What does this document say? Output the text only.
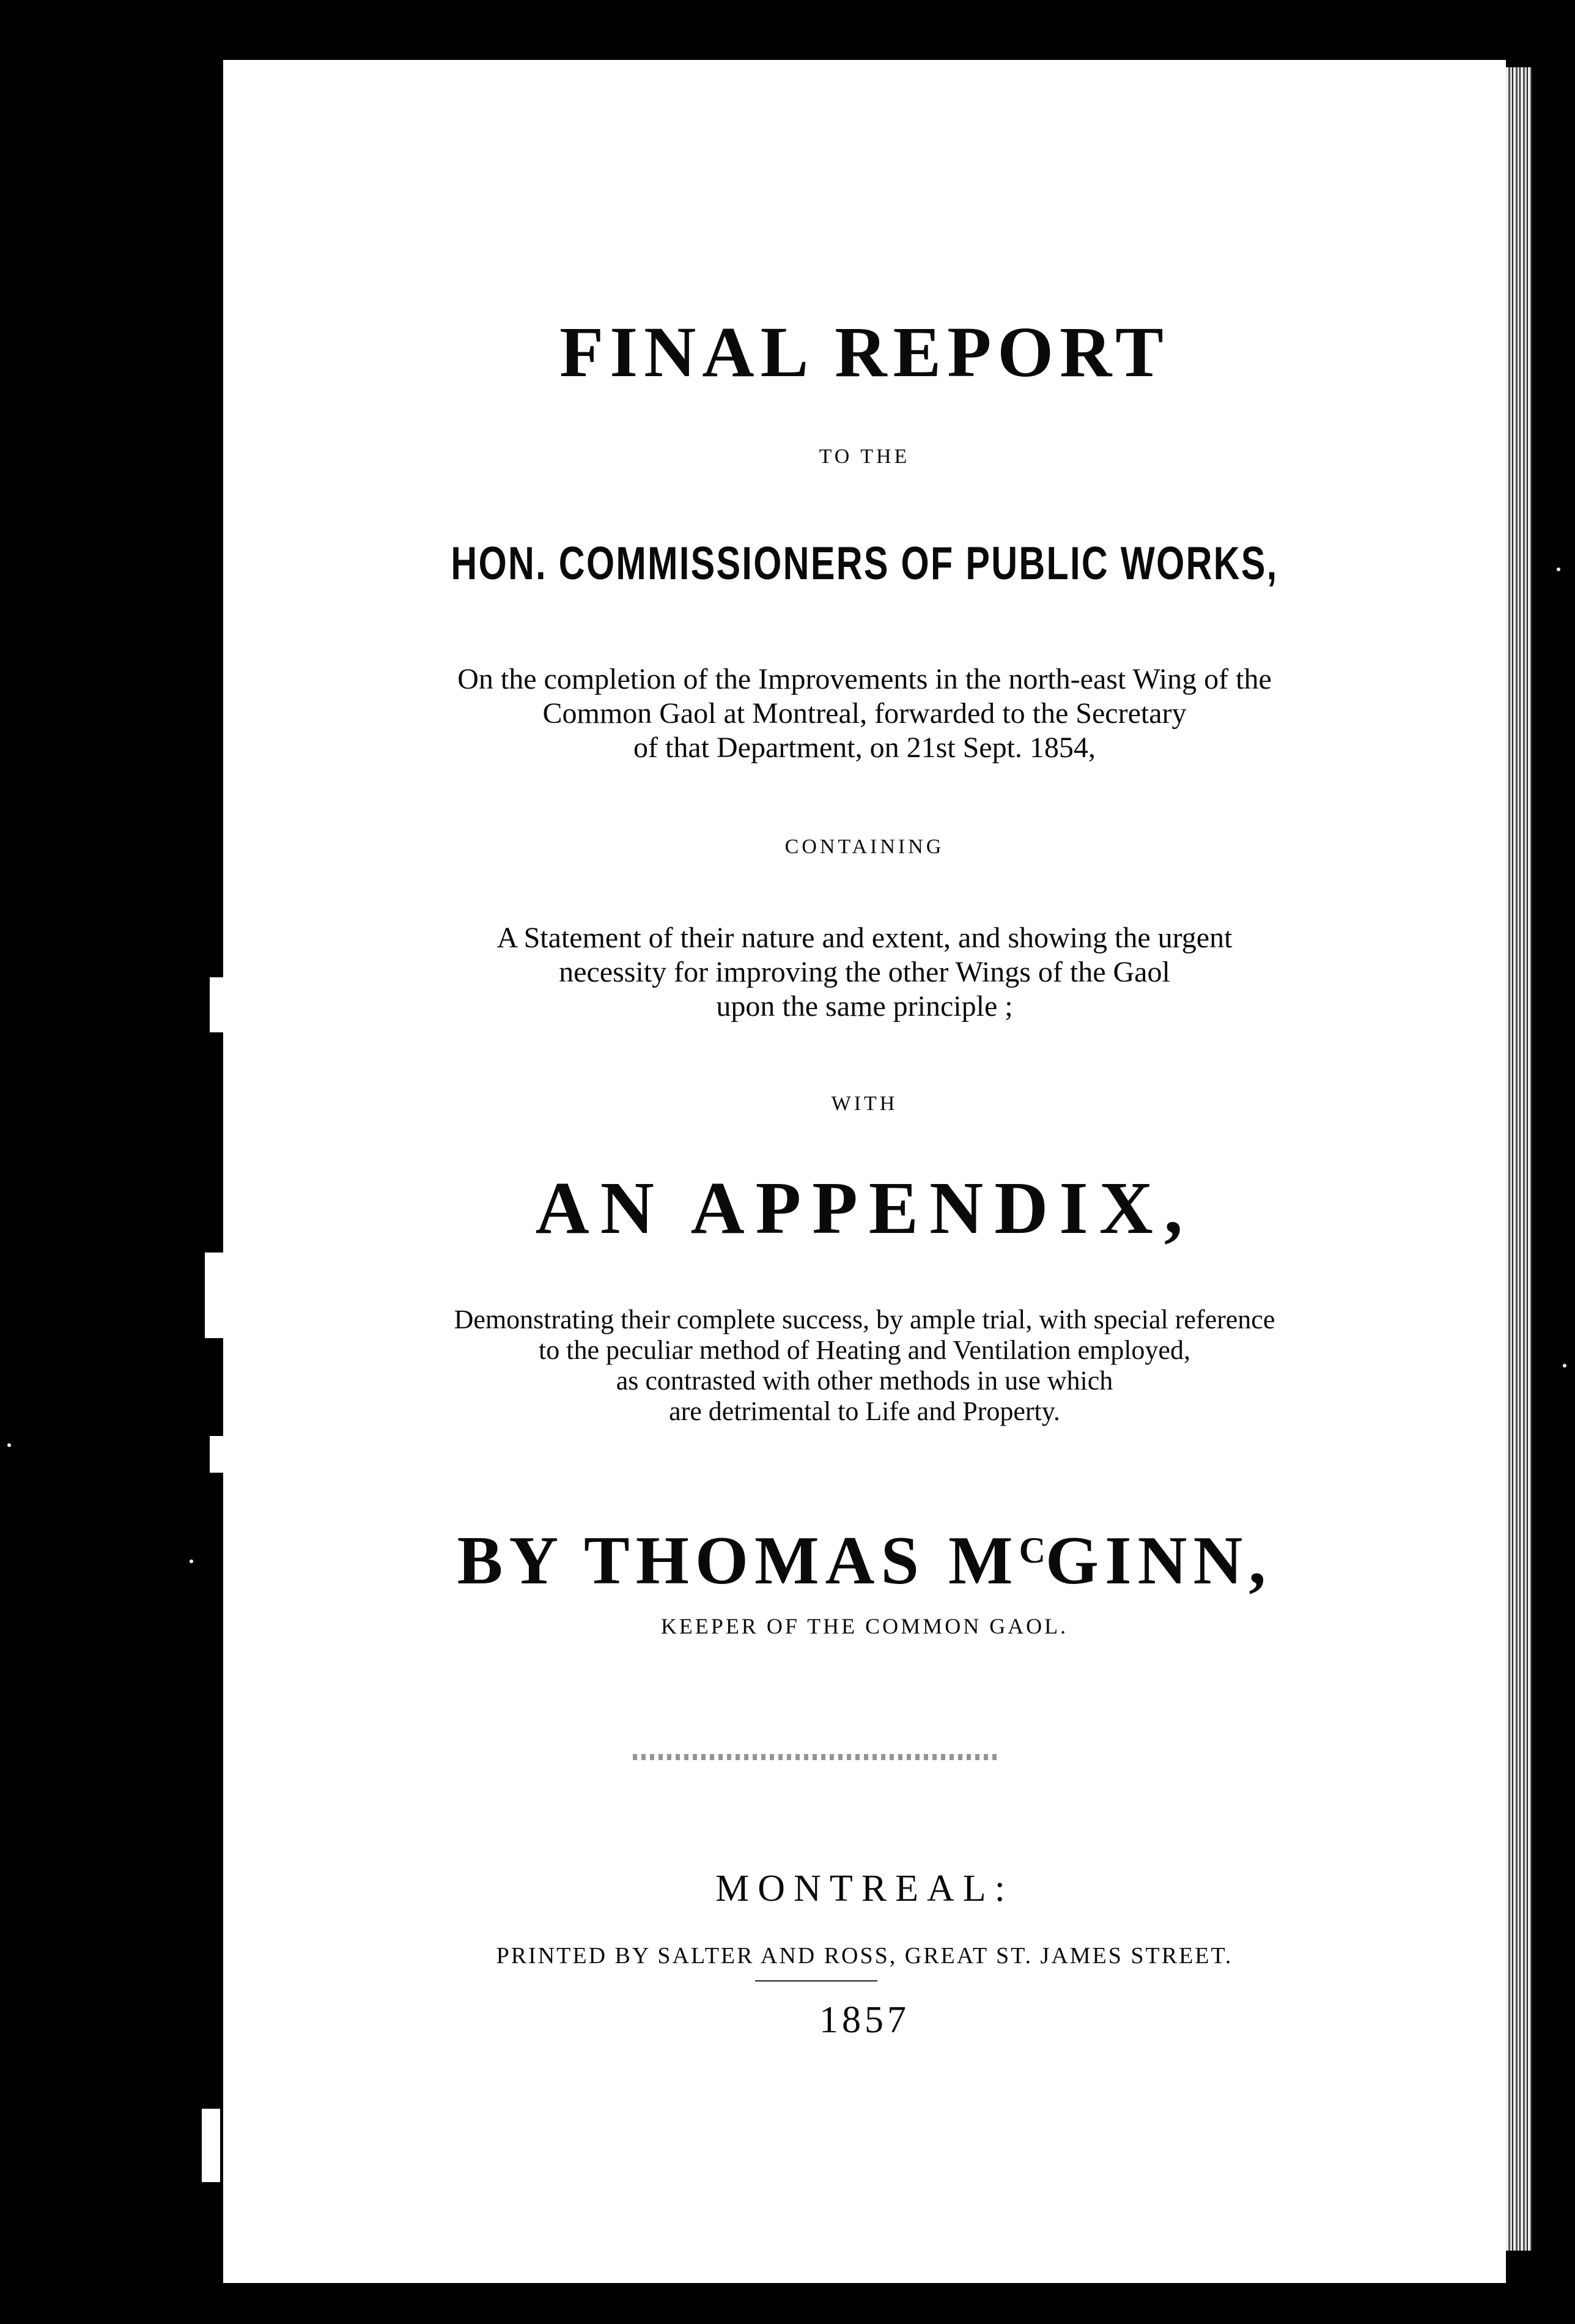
FINAL REPORT
TO THE
HON. COMMISSIONERS OF PUBLIC WORKS,
On the completion of the Improvements in the north-east Wing of the
Common Gaol at Montreal, forwarded to the Secretary
of that Department, on 21st Sept. 1854,
CONTAINING
A Statement of their nature and extent, and showing the urgent
necessity for improving the other Wings of the Gaol
upon the same principle ;
WITH
AN APPENDIX,
Demonstrating their complete success, by ample trial, with special reference
to the peculiar method of Heating and Ventilation employed,
as contrasted with other methods in use which
are detrimental to Life and Property.
BY THOMAS $M^CGINN$,
KEEPER OF THE COMMON GAOL.
MONTREAL:
PRINTED BY SALTER AND ROSS, GREAT ST. JAMES STREET.
1857
